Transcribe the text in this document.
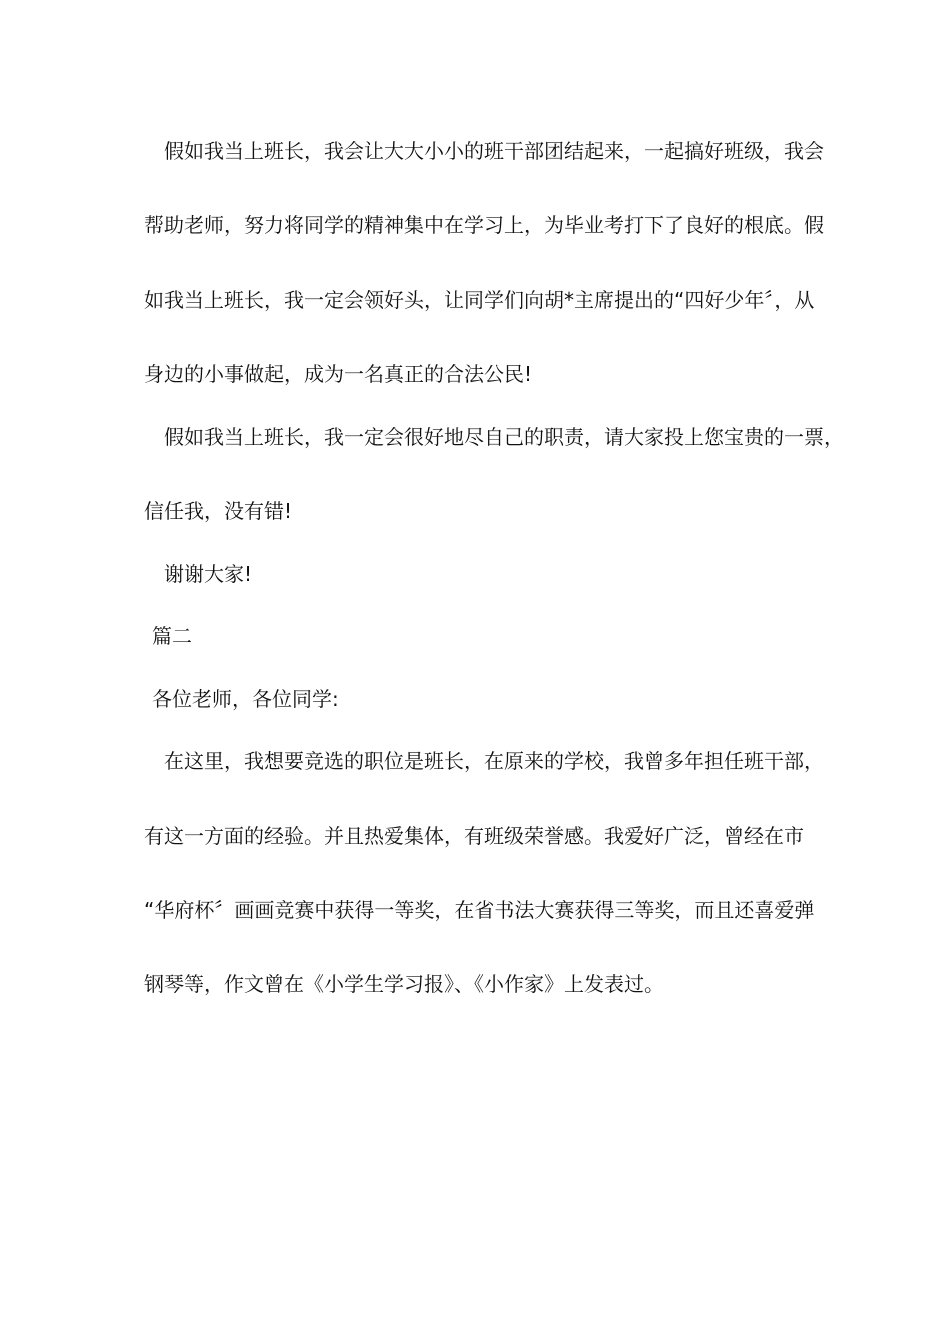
假如我当上班长，我会让大大小小的班干部团结起来，一起搞好班级，我会

帮助老师，努力将同学的精神集中在学习上，为毕业考打下了良好的根底。假

如我当上班长，我一定会领好头，让同学们向胡*主席提出的“四好少年〞，从

身边的小事做起，成为一名真正的合法公民!

假如我当上班长，我一定会很好地尽自己的职责，请大家投上您宝贵的一票，

信任我，没有错!

谢谢大家!

篇二

各位老师，各位同学:

在这里，我想要竞选的职位是班长，在原来的学校，我曾多年担任班干部，

有这一方面的经验。并且热爱集体，有班级荣誉感。我爱好广泛，曾经在市

“华府杯〞画画竞赛中获得一等奖，在省书法大赛获得三等奖，而且还喜爱弹

钢琴等，作文曾在《小学生学习报》、《小作家》上发表过。
